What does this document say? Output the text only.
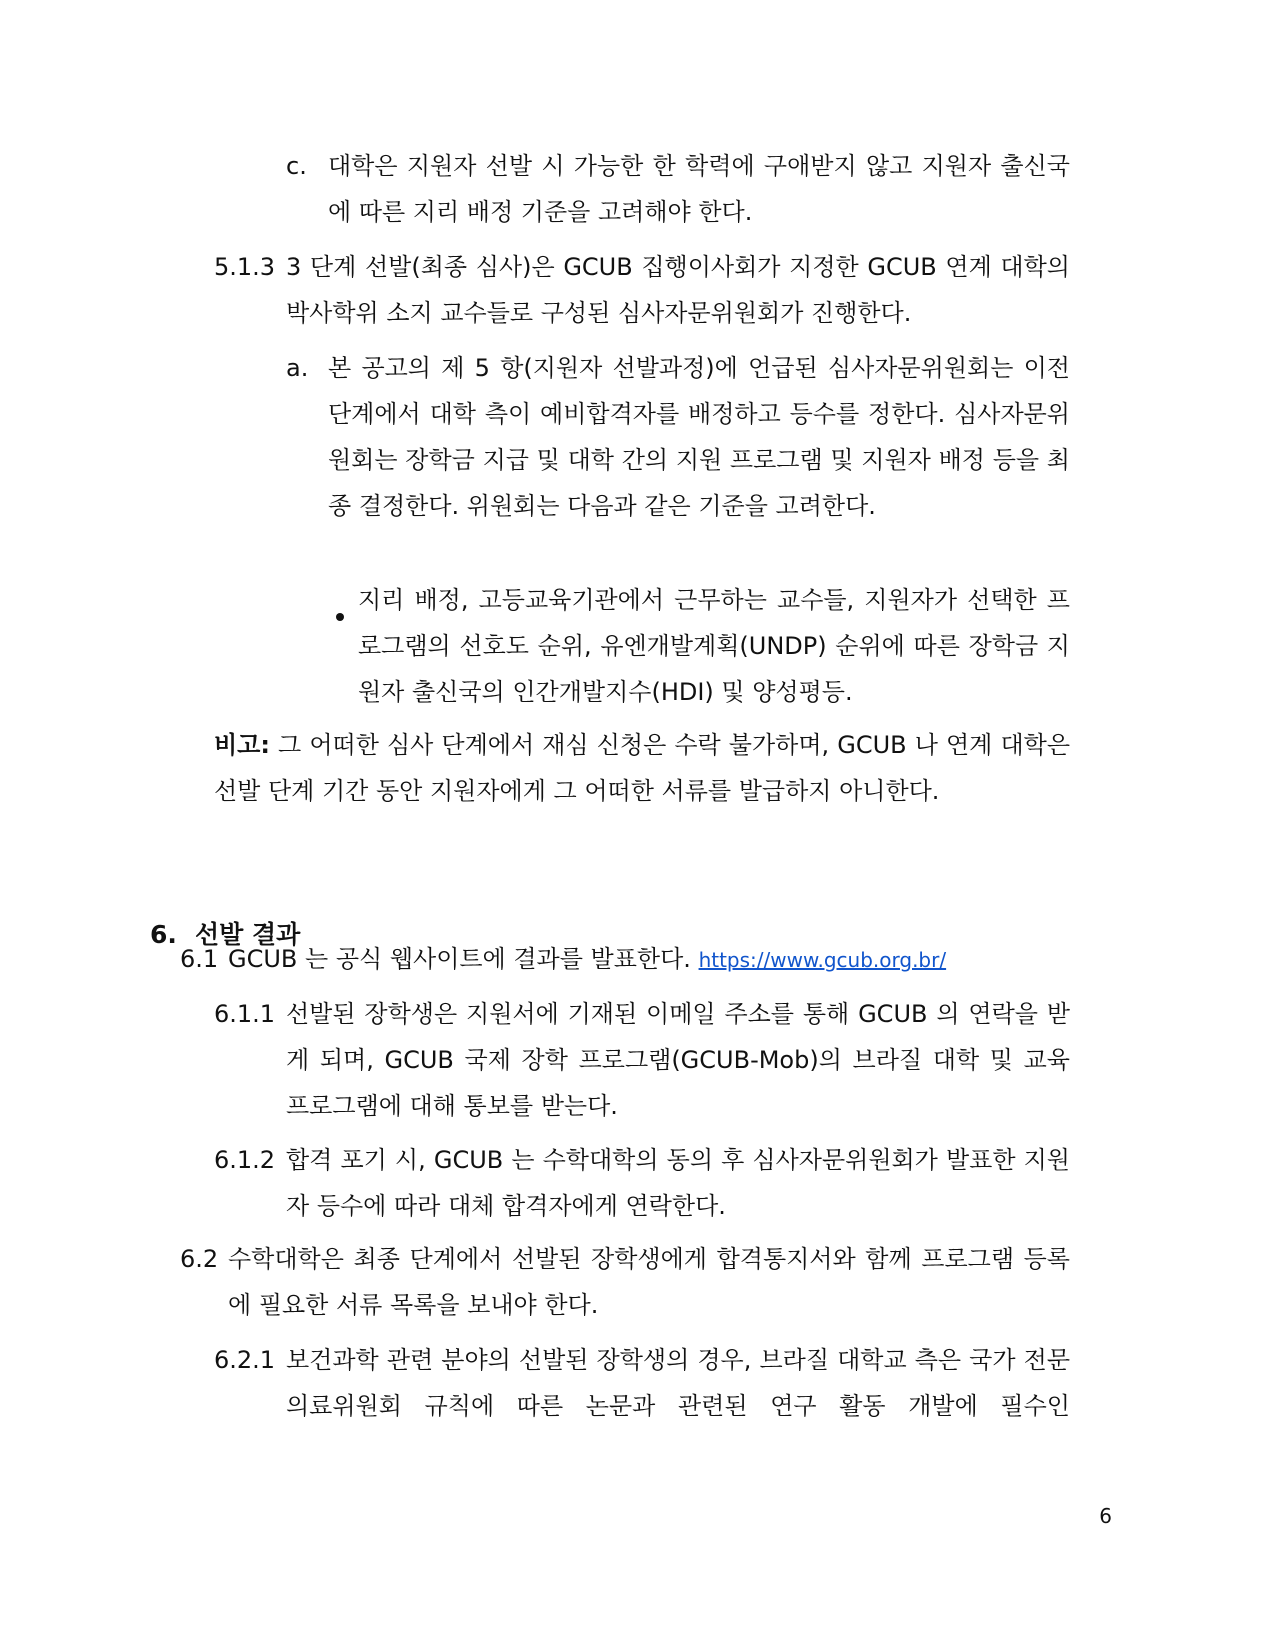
c. 대학은 지원자 선발 시 가능한 한 학력에 구애받지 않고 지원자 출신국에 따른 지리 배정 기준을 고려해야 한다.

5.1.3 3 단계 선발(최종 심사)은 GCUB 집행이사회가 지정한 GCUB 연계 대학의 박사학위 소지 교수들로 구성된 심사자문위원회가 진행한다.

a. 본 공고의 제 5 항(지원자 선발과정)에 언급된 심사자문위원회는 이전 단계에서 대학 측이 예비합격자를 배정하고 등수를 정한다. 심사자문위원회는 장학금 지급 및 대학 간의 지원 프로그램 및 지원자 배정 등을 최종 결정한다. 위원회는 다음과 같은 기준을 고려한다.

지리 배정, 고등교육기관에서 근무하는 교수들, 지원자가 선택한 프로그램의 선호도 순위, 유엔개발계획(UNDP) 순위에 따른 장학금 지원자 출신국의 인간개발지수(HDI) 및 양성평등.

비고: 그 어떠한 심사 단계에서 재심 신청은 수락 불가하며, GCUB 나 연계 대학은 선발 단계 기간 동안 지원자에게 그 어떠한 서류를 발급하지 아니한다.

6. 선발 결과
6.1 GCUB 는 공식 웹사이트에 결과를 발표한다. https://www.gcub.org.br/

6.1.1 선발된 장학생은 지원서에 기재된 이메일 주소를 통해 GCUB 의 연락을 받게 되며, GCUB 국제 장학 프로그램(GCUB-Mob)의 브라질 대학 및 교육 프로그램에 대해 통보를 받는다.

6.1.2 합격 포기 시, GCUB 는 수학대학의 동의 후 심사자문위원회가 발표한 지원자 등수에 따라 대체 합격자에게 연락한다.

6.2 수학대학은 최종 단계에서 선발된 장학생에게 합격통지서와 함께 프로그램 등록에 필요한 서류 목록을 보내야 한다.

6.2.1 보건과학 관련 분야의 선발된 장학생의 경우, 브라질 대학교 측은 국가 전문의료위원회 규칙에 따른 논문과 관련된 연구 활동 개발에 필수인

6
